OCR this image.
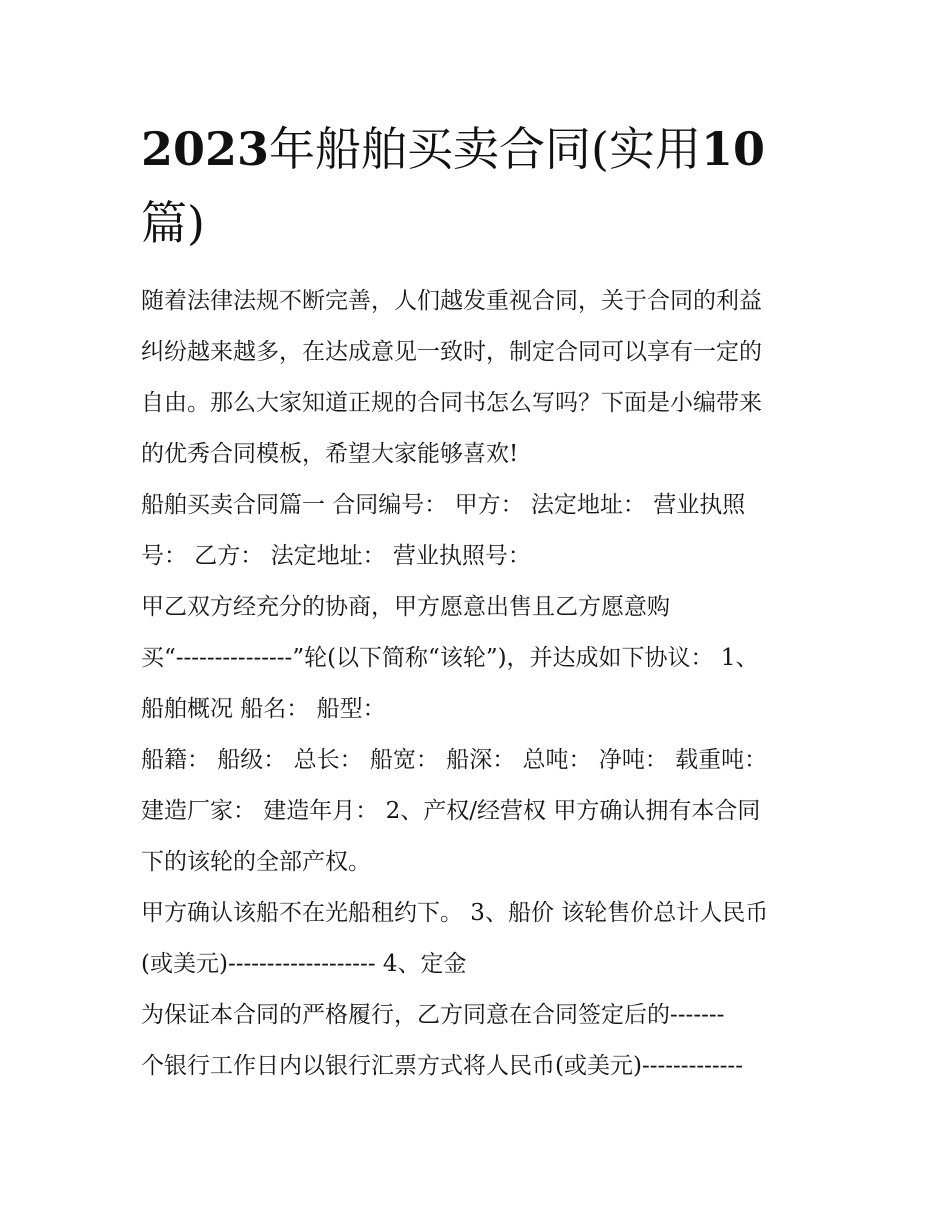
2023年船舶买卖合同(实用10
篇)
随着法律法规不断完善，人们越发重视合同，关于合同的利益
纠纷越来越多，在达成意见一致时，制定合同可以享有一定的
自由。那么大家知道正规的合同书怎么写吗？下面是小编带来
的优秀合同模板，希望大家能够喜欢!
船舶买卖合同篇一 合同编号： 甲方： 法定地址： 营业执照
号： 乙方： 法定地址： 营业执照号：
甲乙双方经充分的协商，甲方愿意出售且乙方愿意购
买“---------------”轮(以下简称“该轮”)，并达成如下协议： 1、
船舶概况 船名： 船型：
船籍： 船级： 总长： 船宽： 船深： 总吨： 净吨： 载重吨：
建造厂家： 建造年月： 2、产权/经营权 甲方确认拥有本合同
下的该轮的全部产权。
甲方确认该船不在光船租约下。 3、船价 该轮售价总计人民币
(或美元)------------------- 4、定金
为保证本合同的严格履行，乙方同意在合同签定后的-------
个银行工作日内以银行汇票方式将人民币(或美元)-------------
